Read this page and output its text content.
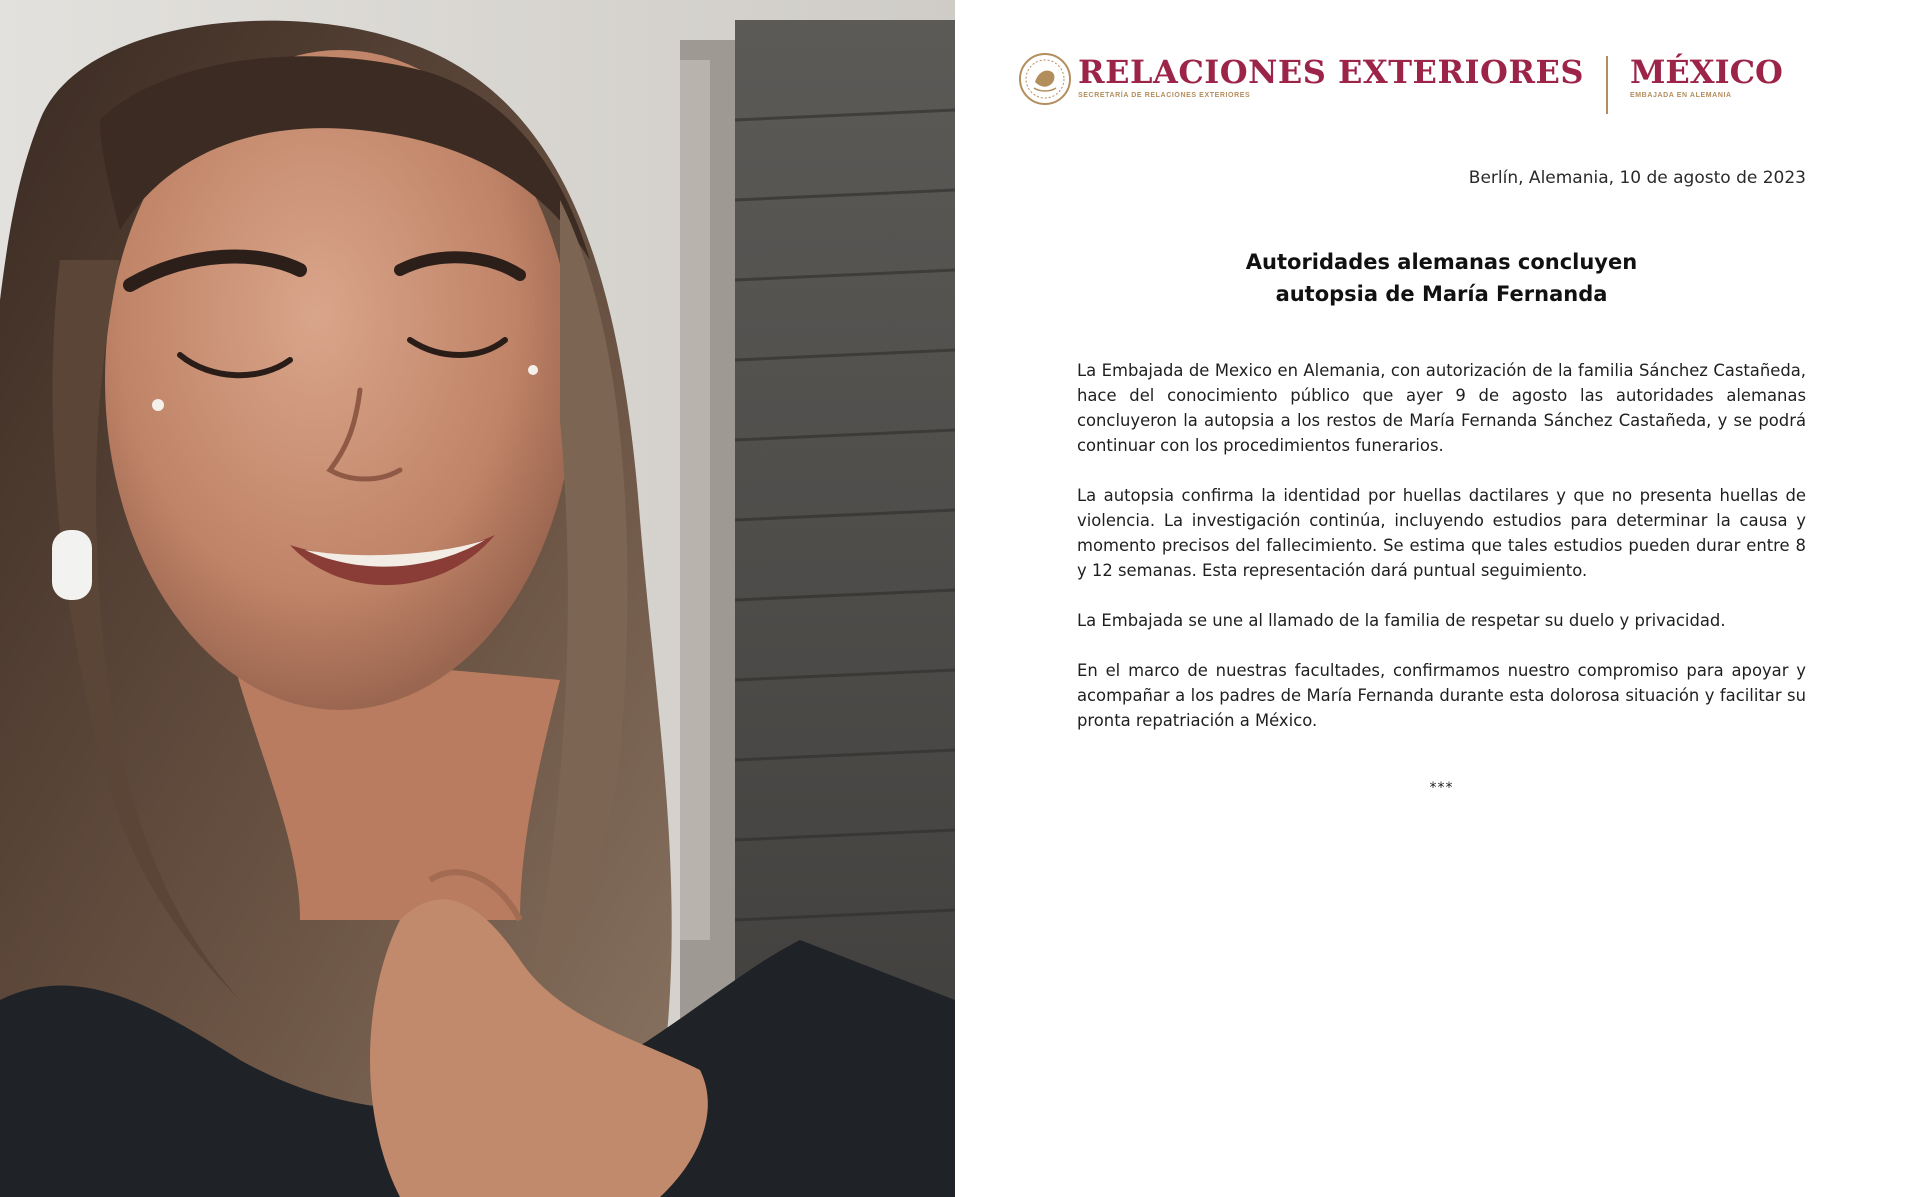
RELACIONES EXTERIORES
SECRETARÍA DE RELACIONES EXTERIORES
MÉXICO
EMBAJADA EN ALEMANIA
Berlín, Alemania, 10 de agosto de 2023
Autoridades alemanas concluyen
autopsia de María Fernanda

La Embajada de Mexico en Alemania, con autorización de la familia Sánchez Castañeda, hace del conocimiento público que ayer 9 de agosto las autoridades alemanas concluyeron la autopsia a los restos de María Fernanda Sánchez Castañeda, y se podrá continuar con los procedimientos funerarios.

La autopsia confirma la identidad por huellas dactilares y que no presenta huellas de violencia. La investigación continúa, incluyendo estudios para determinar la causa y momento precisos del fallecimiento. Se estima que tales estudios pueden durar entre 8 y 12 semanas. Esta representación dará puntual seguimiento.

La Embajada se une al llamado de la familia de respetar su duelo y privacidad.

En el marco de nuestras facultades, confirmamos nuestro compromiso para apoyar y acompañar a los padres de María Fernanda durante esta dolorosa situación y facilitar su pronta repatriación a México.

***
